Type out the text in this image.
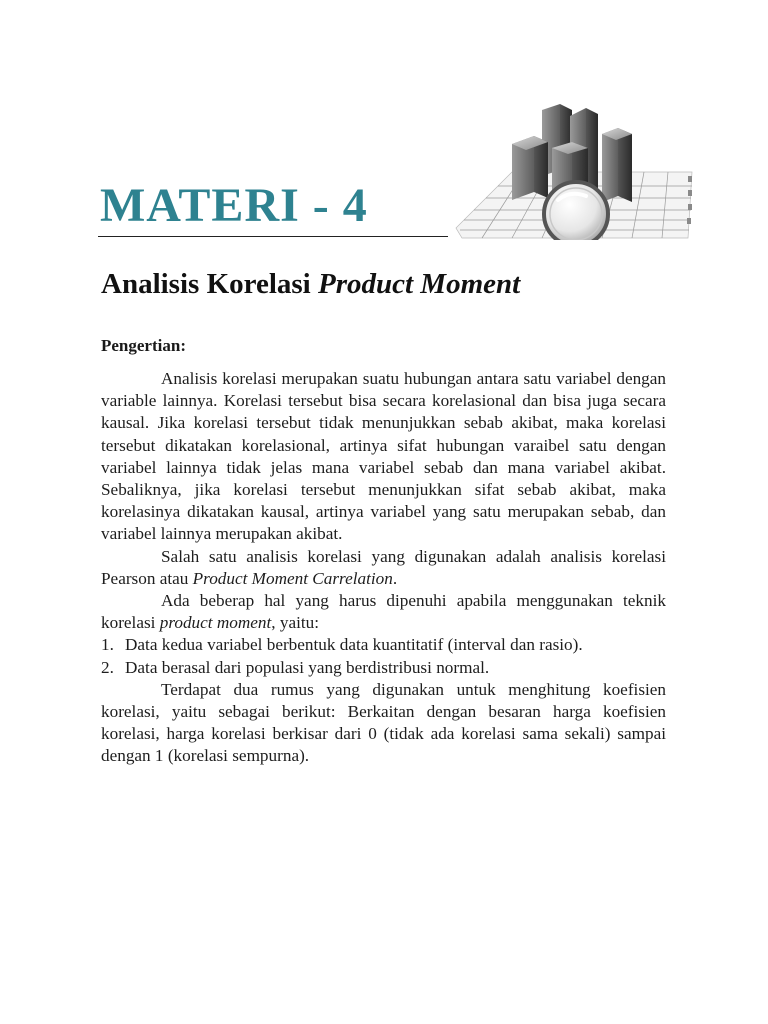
MATERI - 4
Analisis Korelasi Product Moment
Pengertian:

Analisis korelasi merupakan suatu hubungan antara satu variabel dengan variable lainnya. Korelasi tersebut bisa secara korelasional dan bisa juga secara kausal. Jika korelasi tersebut tidak menunjukkan sebab akibat, maka korelasi tersebut dikatakan korelasional, artinya sifat hubungan varaibel satu dengan variabel lainnya tidak jelas mana variabel sebab dan mana variabel akibat. Sebaliknya, jika korelasi tersebut menunjukkan sifat sebab akibat, maka korelasinya dikatakan kausal, artinya variabel yang satu merupakan sebab, dan variabel lainnya merupakan akibat.

Salah satu analisis korelasi yang digunakan adalah analisis korelasi Pearson atau Product Moment Carrelation.

Ada beberap hal yang harus dipenuhi apabila menggunakan teknik korelasi product moment, yaitu:

1. Data kedua variabel berbentuk data kuantitatif (interval dan rasio).
2. Data berasal dari populasi yang berdistribusi normal.

Terdapat dua rumus yang digunakan untuk menghitung koefisien korelasi, yaitu sebagai berikut: Berkaitan dengan besaran harga koefisien korelasi, harga korelasi berkisar dari 0 (tidak ada korelasi sama sekali) sampai dengan 1 (korelasi sempurna).
